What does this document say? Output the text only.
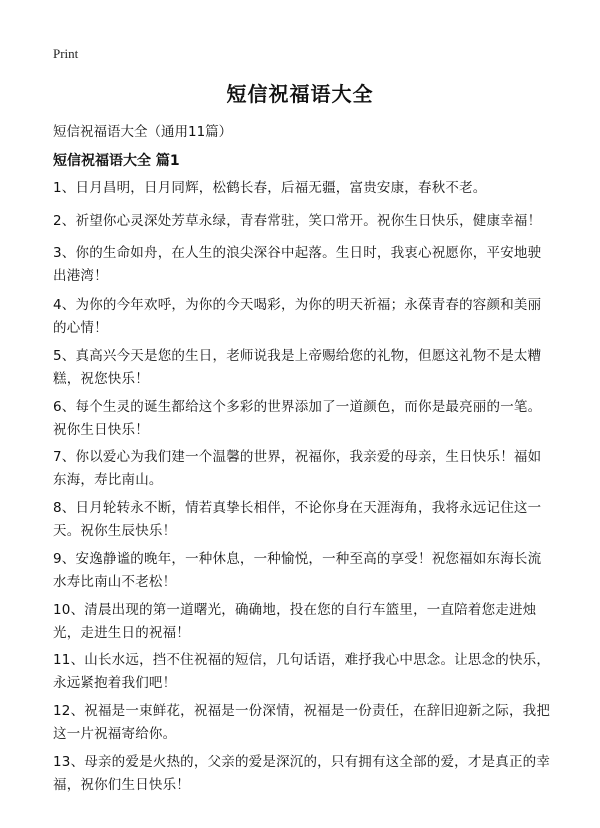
Print
短信祝福语大全

短信祝福语大全（通用11篇）

短信祝福语大全 篇1

1、日月昌明，日月同辉，松鹤长春，后福无疆，富贵安康，春秋不老。

2、祈望你心灵深处芳草永绿，青春常驻，笑口常开。祝你生日快乐，健康幸福！

3、你的生命如舟，在人生的浪尖深谷中起落。生日时，我衷心祝愿你，平安地驶出港湾！

4、为你的今年欢呼，为你的今天喝彩，为你的明天祈福；永葆青春的容颜和美丽的心情！

5、真高兴今天是您的生日，老师说我是上帝赐给您的礼物，但愿这礼物不是太糟糕，祝您快乐！

6、每个生灵的诞生都给这个多彩的世界添加了一道颜色，而你是最亮丽的一笔。祝你生日快乐！

7、你以爱心为我们建一个温馨的世界，祝福你，我亲爱的母亲，生日快乐！福如东海，寿比南山。

8、日月轮转永不断，情若真挚长相伴，不论你身在天涯海角，我将永远记住这一天。祝你生辰快乐！

9、安逸静谧的晚年，一种休息，一种愉悦，一种至高的享受！祝您福如东海长流水寿比南山不老松！

10、清晨出现的第一道曙光，确确地，投在您的自行车篮里，一直陪着您走进烛光，走进生日的祝福！

11、山长水远，挡不住祝福的短信，几句话语，难抒我心中思念。让思念的快乐，永远紧抱着我们吧！

12、祝福是一束鲜花，祝福是一份深情，祝福是一份责任，在辞旧迎新之际，我把这一片祝福寄给你。

13、母亲的爱是火热的，父亲的爱是深沉的，只有拥有这全部的爱，才是真正的幸福，祝你们生日快乐！
